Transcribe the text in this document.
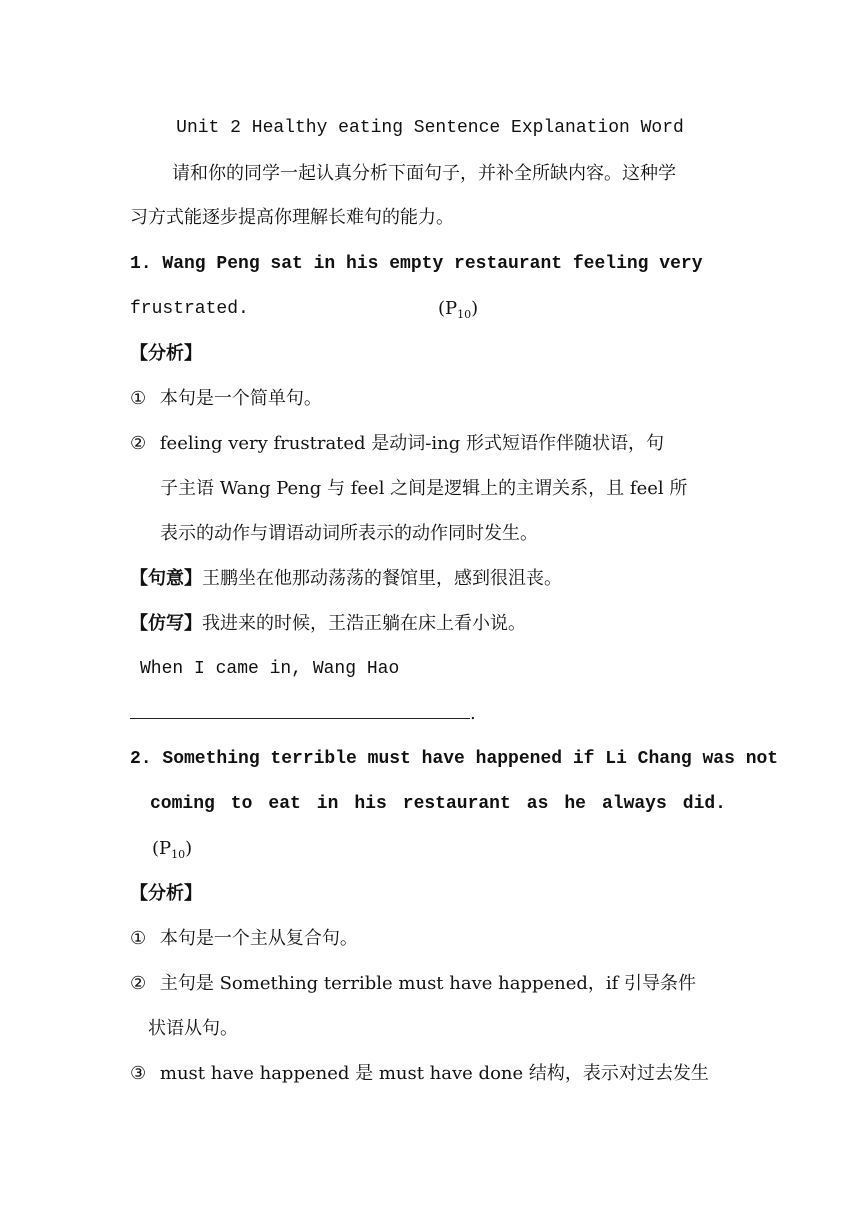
Unit 2 Healthy eating Sentence Explanation Word
请和你的同学一起认真分析下面句子，并补全所缺内容。这种学
习方式能逐步提高你理解长难句的能力。
1. Wang Peng sat in his empty restaurant feeling very
frustrated.	$(P_{10})$
【分析】
① 本句是一个简单句。
② feeling very frustrated 是动词-ing 形式短语作伴随状语，句
子主语 Wang Peng 与 feel 之间是逻辑上的主谓关系，且 feel 所
表示的动作与谓语动词所表示的动作同时发生。
【句意】王鹏坐在他那动荡荡的餐馆里，感到很沮丧。
【仿写】我进来的时候，王浩正躺在床上看小说。
When I came in, Wang Hao
.
2. Something terrible must have happened if Li Chang was not
coming to eat in his restaurant as he always did.
$(P_{10})$
【分析】
① 本句是一个主从复合句。
② 主句是 Something terrible must have happened，if 引导条件
状语从句。
③ must have happened 是 must have done 结构，表示对过去发生
